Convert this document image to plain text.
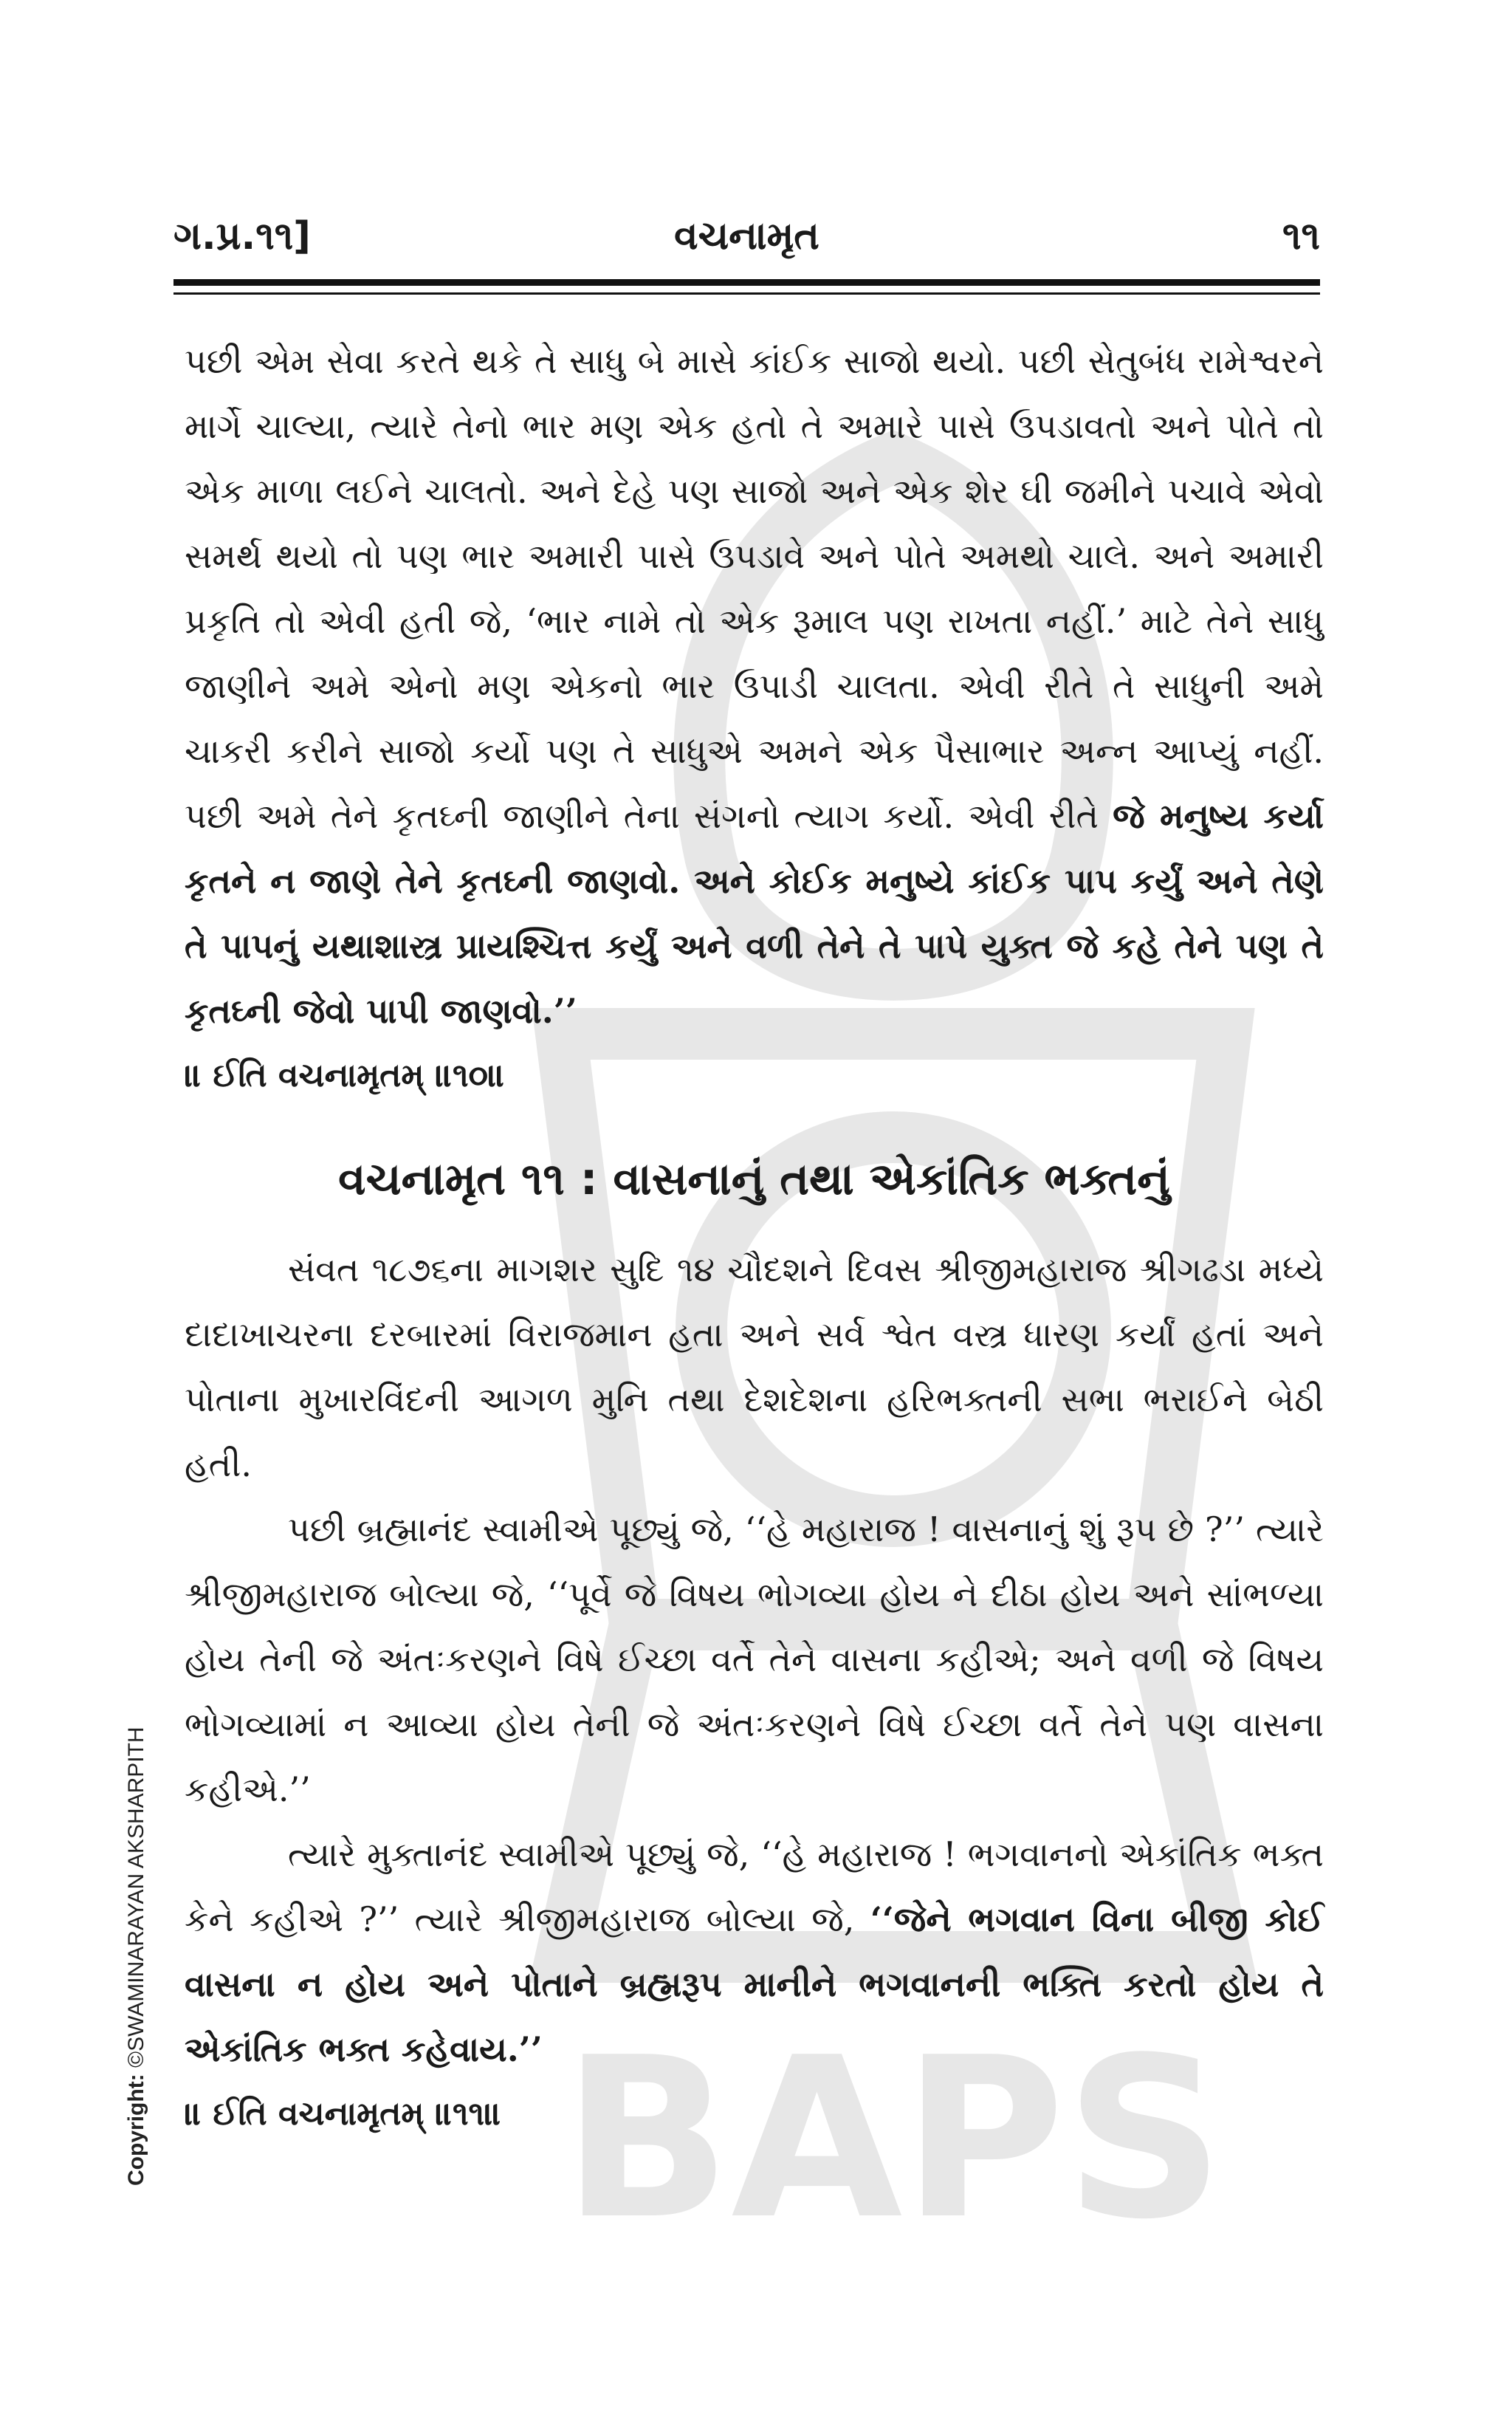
BAPS
ગ.પ્ર.૧૧]	વચનામૃત	૧૧

પછી એમ સેવા કરતે થકે તે સાધુ બે માસે કાંઈક સાજો થયો. પછી સેતુબંધ રામેશ્વરને માર્ગે ચાલ્યા, ત્યારે તેનો ભાર મણ એક હતો તે અમારે પાસે ઉપડાવતો અને પોતે તો એક માળા લઈને ચાલતો. અને દેહે પણ સાજો અને એક શેર ઘી જમીને પચાવે એવો સમર્થ થયો તો પણ ભાર અમારી પાસે ઉપડાવે અને પોતે અમથો ચાલે. અને અમારી પ્રકૃતિ તો એવી હતી જે, ‘ભાર નામે તો એક રૂમાલ પણ રાખતા નહીં.’ માટે તેને સાધુ જાણીને અમે એનો મણ એકનો ભાર ઉપાડી ચાલતા. એવી રીતે તે સાધુની અમે ચાકરી કરીને સાજો કર્યો પણ તે સાધુએ અમને એક પૈસાભાર અન્ન આપ્યું નહીં. પછી અમે તેને કૃતઘ્ની જાણીને તેના સંગનો ત્યાગ કર્યો. એવી રીતે જે મનુષ્ય કર્યા કૃતને ન જાણે તેને કૃતઘ્ની જાણવો. અને કોઈક મનુષ્યે કાંઈક પાપ કર્યું અને તેણે તે પાપનું યથાશાસ્ત્ર પ્રાયશ્ચિત્ત કર્યું અને વળી તેને તે પાપે યુક્ત જે કહે તેને પણ તે કૃતઘ્ની જેવો પાપી જાણવો.’’

॥ ઈતિ વચનામૃતમ્ ॥૧૦॥

વચનામૃત ૧૧ : વાસનાનું તથા એકાંતિક ભક્તનું

સંવત ૧૮૭૬ના માગશર સુદિ ૧૪ ચૌદશને દિવસ શ્રીજીમહારાજ શ્રીગઢડા મધ્યે દાદાખાચરના દરબારમાં વિરાજમાન હતા અને સર્વ શ્વેત વસ્ત્ર ધારણ કર્યાં હતાં અને પોતાના મુખારવિંદની આગળ મુનિ તથા દેશદેશના હરિભક્તની સભા ભરાઈને બેઠી હતી.

પછી બ્રહ્માનંદ સ્વામીએ પૂછ્યું જે, ‘‘હે મહારાજ ! વાસનાનું શું રૂપ છે ?’’ ત્યારે શ્રીજીમહારાજ બોલ્યા જે, ‘‘પૂર્વે જે વિષય ભોગવ્યા હોય ને દીઠા હોય અને સાંભળ્યા હોય તેની જે અંતઃકરણને વિષે ઈચ્છા વર્તે તેને વાસના કહીએ; અને વળી જે વિષય ભોગવ્યામાં ન આવ્યા હોય તેની જે અંતઃકરણને વિષે ઈચ્છા વર્તે તેને પણ વાસના કહીએ.’’

ત્યારે મુક્તાનંદ સ્વામીએ પૂછ્યું જે, ‘‘હે મહારાજ ! ભગવાનનો એકાંતિક ભક્ત કેને કહીએ ?’’ ત્યારે શ્રીજીમહારાજ બોલ્યા જે, ‘‘જેને ભગવાન વિના બીજી કોઈ વાસના ન હોય અને પોતાને બ્રહ્મરૂપ માનીને ભગવાનની ભક્તિ કરતો હોય તે એકાંતિક ભક્ત કહેવાય.’’

॥ ઈતિ વચનામૃતમ્ ॥૧૧॥

Copyright: ©SWAMINARAYAN AKSHARPITH
